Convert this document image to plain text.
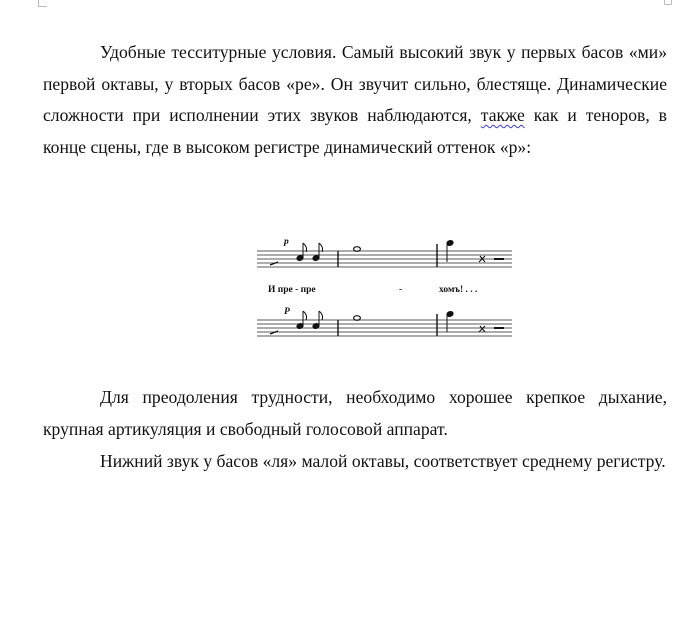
Удобные тесситурные условия. Самый высокий звук у первых басов «ми» первой октавы, у вторых басов «ре». Он звучит сильно, блестяще. Динамические сложности при исполнении этих звуков наблюдаются, также как и теноров, в конце сцены, где в высоком регистре динамический оттенок «р»:

p
И пре - пре	-	хомъ! . . .
P

Для преодоления трудности, необходимо хорошее крепкое дыхание, крупная артикуляция и свободный голосовой аппарат.

Нижний звук у басов «ля» малой октавы, соответствует среднему регистру.
